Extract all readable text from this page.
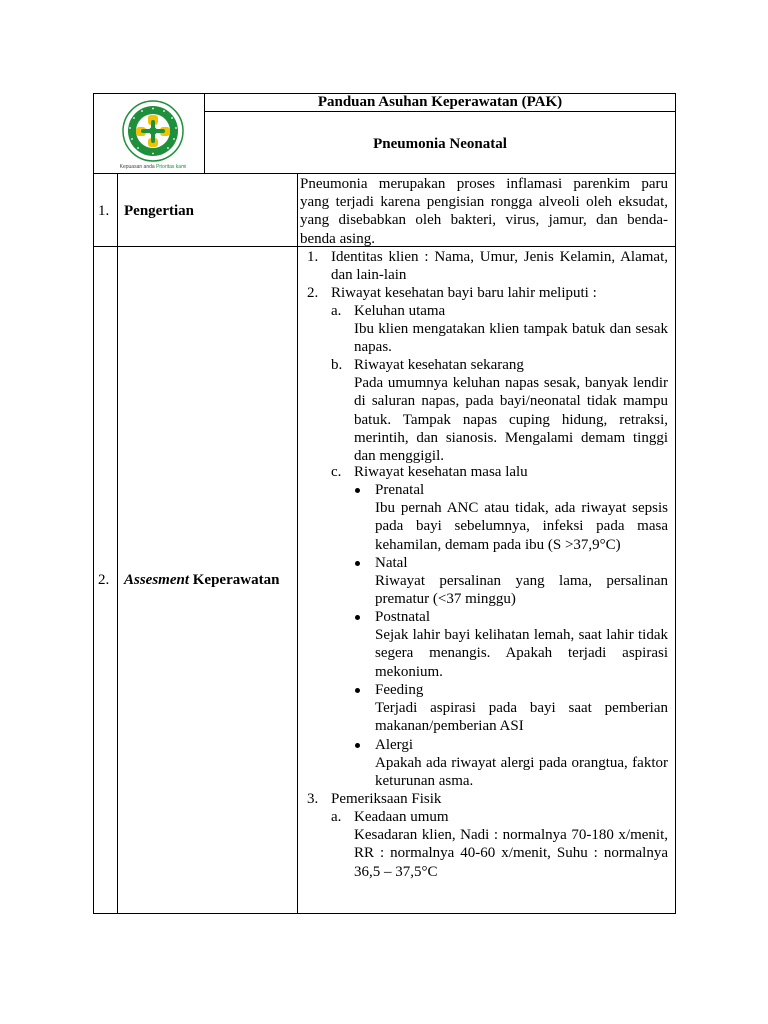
Kepuasan anda Prioritas kami
Panduan Asuhan Keperawatan (PAK)
Pneumonia Neonatal
1. Pengertian
Pneumonia merupakan proses inflamasi parenkim paru
yang terjadi karena pengisian rongga alveoli oleh eksudat,
yang disebabkan oleh bakteri, virus, jamur, dan benda-
benda asing.
2. Assesment Keperawatan
1. Identitas klien : Nama, Umur, Jenis Kelamin, Alamat,
dan lain-lain
2. Riwayat kesehatan bayi baru lahir meliputi :
a. Keluhan utama
Ibu klien mengatakan klien tampak batuk dan sesak
napas.
b. Riwayat kesehatan sekarang
Pada umumnya keluhan napas sesak, banyak lendir
di saluran napas, pada bayi/neonatal tidak mampu
batuk. Tampak napas cuping hidung, retraksi,
merintih, dan sianosis. Mengalami demam tinggi
dan menggigil.
c. Riwayat kesehatan masa lalu
Prenatal
Ibu pernah ANC atau tidak, ada riwayat sepsis
pada bayi sebelumnya, infeksi pada masa
kehamilan, demam pada ibu (S >37,9°C)
Natal
Riwayat persalinan yang lama, persalinan
prematur (<37 minggu)
Postnatal
Sejak lahir bayi kelihatan lemah, saat lahir tidak
segera menangis. Apakah terjadi aspirasi
mekonium.
Feeding
Terjadi aspirasi pada bayi saat pemberian
makanan/pemberian ASI
Alergi
Apakah ada riwayat alergi pada orangtua, faktor
keturunan asma.
3. Pemeriksaan Fisik
a. Keadaan umum
Kesadaran klien, Nadi : normalnya 70-180 x/menit,
RR : normalnya 40-60 x/menit, Suhu : normalnya
36,5 – 37,5°C
